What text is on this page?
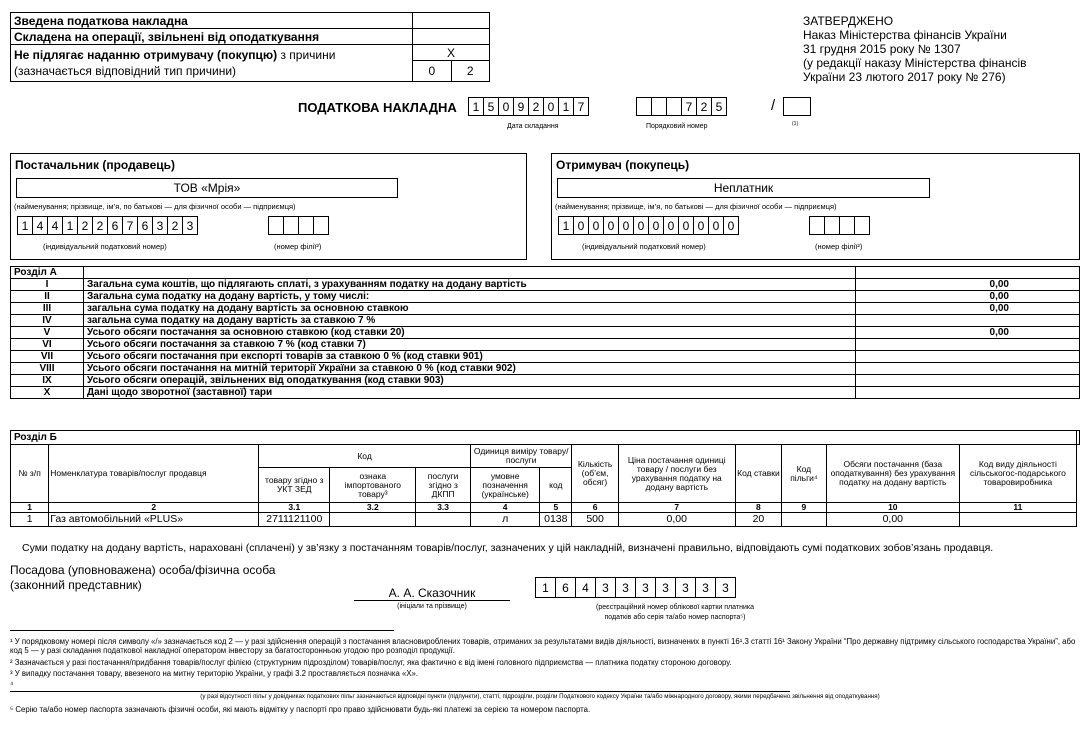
Зведена податкова накладна		
Складена на операції, звільнені від оподаткування		
Не підлягає наданню отримувачу (покупцю) з причини
(зазначається відповідний тип причини)	X	
	0	2
ЗАТВЕРДЖЕНО
Наказ Міністерства фінансів України
31 грудня 2015 року № 1307
(у редакції наказу Міністерства фінансів
України 23 лютого 2017 року № 276)
ПОДАТКОВА НАКЛАДНА	1 5 0 9 2 0 1 7	7 2 5	/
Дата складання	Порядковий номер	(1)
Постачальник (продавець)
ТОВ «Мрія»
(найменування; прізвище, ім’я, по батькові — для фізичної особи — підприємця)
1 4 4 1 2 2 6 7 6 3 2 3
(індивідуальний податковий номер)	(номер філії²)
Отримувач (покупець)
Неплатник
(найменування; прізвище, ім’я, по батькові — для фізичної особи — підприємця)
1 0 0 0 0 0 0 0 0 0 0 0
(індивідуальний податковий номер)	(номер філії²)
Розділ А		
I	Загальна сума коштів, що підлягають сплаті, з урахуванням податку на додану вартість	0,00
II	Загальна сума податку на додану вартість, у тому числі:	0,00
III	загальна сума податку на додану вартість за основною ставкою	0,00
IV	загальна сума податку на додану вартість за ставкою 7 %	
V	Усього обсяги постачання за основною ставкою (код ставки 20)	0,00
VI	Усього обсяги постачання за ставкою 7 % (код ставки 7)	
VII	Усього обсяги постачання при експорті товарів за ставкою 0 % (код ставки 901)	
VIII	Усього обсяги постачання на митній території України за ставкою 0 % (код ставки 902)	
IX	Усього обсяги операцій, звільнених від оподаткування (код ставки 903)	
X	Дані щодо зворотної (заставної) тари	
Розділ Б													
№ з/п	Номенклатура товарів/послуг продавця	Код			Одиниця виміру товару/послуги		Кількість (об’єм, обсяг)	Ціна постачання одиниці товару / послуги без урахування податку на додану вартість	Код ставки	Код пільги⁴	Обсяги постачання (база оподаткування) без урахування податку на додану вартість	Код виду діяльності сільськогос-подарського товаровиробника	
		товару згідно з УКТ ЗЕД	ознака імпортованого товару³	послуги згідно з ДКПП	умовне позначення (українське)	код							

1	2	3.1	3.2	3.3	4	5	6	7	8	9	10	11	
1	Газ автомобільний «PLUS»	2711121100			л	0138	500	0,00	20		0,00		
Суми податку на додану вартість, нараховані (сплачені) у зв’язку з постачанням товарів/послуг, зазначених у цій накладній, визначені правильно, відповідають сумі податкових зобов’язань продавця.
Посадова (уповноважена) особа/фізична особа
(законний представник)
А. А. Сказочник
(ініціали та прізвище)
1	6	4	3	3	3	3	3	3	3
(реєстраційний номер облікової картки платника
податків або серія та/або номер паспорта⁵)
¹ У порядковому номері після символу «/» зазначається код 2 — у разі здійснення операцій з постачання власновироблених товарів, отриманих за результатами видів діяльності, визначених в пункті 16¹.3 статті 16¹ Закону України “Про державну підтримку сільського господарства України”, або код 5 — у разі складання податкової накладної оператором інвестору за багатосторонньою угодою про розподіл продукції.
² Зазначається у разі постачання/придбання товарів/послуг філією (структурним підрозділом) товарів/послуг, яка фактично є від імені головного підприємства — платника податку стороною договору.
³ У випадку постачання товару, ввезеного на митну територію України, у графі 3.2 проставляється позначка «Х».
⁴
(у разі відсутності пільг у довідниках податкових пільг зазначаються відповідні пункти (підпункти), статті, підрозділи, розділи Податкового кодексу України та/або міжнародного договору, якими передбачено звільнення від оподаткування)
⁵ Серію та/або номер паспорта зазначають фізичні особи, які мають відмітку у паспорті про право здійснювати будь-які платежі за серією та номером паспорта.
